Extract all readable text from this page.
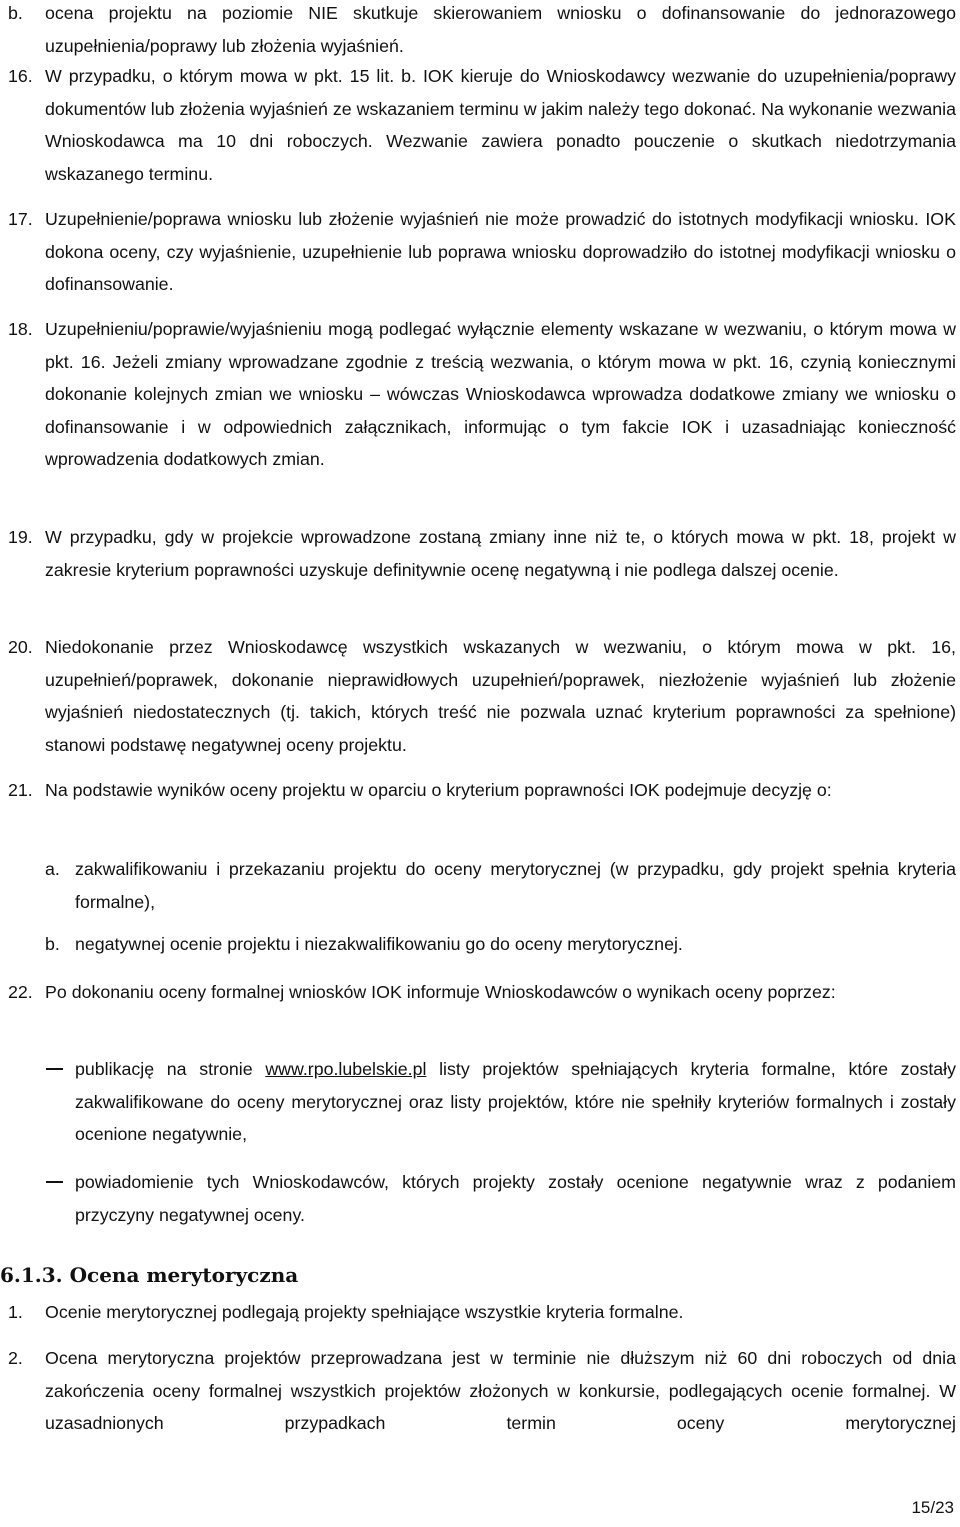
b. ocena projektu na poziomie NIE skutkuje skierowaniem wniosku o dofinansowanie do jednorazowego uzupełnienia/poprawy lub złożenia wyjaśnień.
16. W przypadku, o którym mowa w pkt. 15 lit. b. IOK kieruje do Wnioskodawcy wezwanie do uzupełnienia/poprawy dokumentów lub złożenia wyjaśnień ze wskazaniem terminu w jakim należy tego dokonać. Na wykonanie wezwania Wnioskodawca ma 10 dni roboczych. Wezwanie zawiera ponadto pouczenie o skutkach niedotrzymania wskazanego terminu.
17. Uzupełnienie/poprawa wniosku lub złożenie wyjaśnień nie może prowadzić do istotnych modyfikacji wniosku. IOK dokona oceny, czy wyjaśnienie, uzupełnienie lub poprawa wniosku doprowadziło do istotnej modyfikacji wniosku o dofinansowanie.
18. Uzupełnieniu/poprawie/wyjaśnieniu mogą podlegać wyłącznie elementy wskazane w wezwaniu, o którym mowa w pkt. 16. Jeżeli zmiany wprowadzane zgodnie z treścią wezwania, o którym mowa w pkt. 16, czynią koniecznymi dokonanie kolejnych zmian we wniosku – wówczas Wnioskodawca wprowadza dodatkowe zmiany we wniosku o dofinansowanie i w odpowiednich załącznikach, informując o tym fakcie IOK i uzasadniając konieczność wprowadzenia dodatkowych zmian.
19. W przypadku, gdy w projekcie wprowadzone zostaną zmiany inne niż te, o których mowa w pkt. 18, projekt w zakresie kryterium poprawności uzyskuje definitywnie ocenę negatywną i nie podlega dalszej ocenie.
20. Niedokonanie przez Wnioskodawcę wszystkich wskazanych w wezwaniu, o którym mowa w pkt. 16, uzupełnień/poprawek, dokonanie nieprawidłowych uzupełnień/poprawek, niezłożenie wyjaśnień lub złożenie wyjaśnień niedostatecznych (tj. takich, których treść nie pozwala uznać kryterium poprawności za spełnione) stanowi podstawę negatywnej oceny projektu.
21. Na podstawie wyników oceny projektu w oparciu o kryterium poprawności IOK podejmuje decyzję o:
a. zakwalifikowaniu i przekazaniu projektu do oceny merytorycznej (w przypadku, gdy projekt spełnia kryteria formalne),
b. negatywnej ocenie projektu i niezakwalifikowaniu go do oceny merytorycznej.
22. Po dokonaniu oceny formalnej wniosków IOK informuje Wnioskodawców o wynikach oceny poprzez:
publikację na stronie www.rpo.lubelskie.pl listy projektów spełniających kryteria formalne, które zostały zakwalifikowane do oceny merytorycznej oraz listy projektów, które nie spełniły kryteriów formalnych i zostały ocenione negatywnie,
powiadomienie tych Wnioskodawców, których projekty zostały ocenione negatywnie wraz z podaniem przyczyny negatywnej oceny.
6.1.3. Ocena merytoryczna
1. Ocenie merytorycznej podlegają projekty spełniające wszystkie kryteria formalne.
2. Ocena merytoryczna projektów przeprowadzana jest w terminie nie dłuższym niż 60 dni roboczych od dnia zakończenia oceny formalnej wszystkich projektów złożonych w konkursie, podlegających ocenie formalnej. W uzasadnionych przypadkach termin oceny merytorycznej
15/23
